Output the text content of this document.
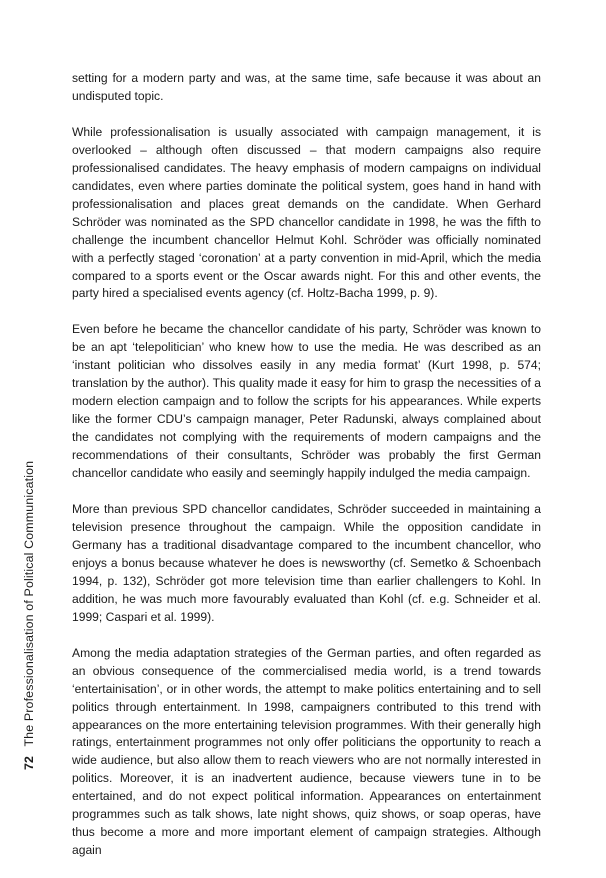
setting for a modern party and was, at the same time, safe because it was about an undisputed topic.

While professionalisation is usually associated with campaign management, it is overlooked – although often discussed – that modern campaigns also require professionalised candidates. The heavy emphasis of modern campaigns on individual candidates, even where parties dominate the political system, goes hand in hand with professionalisation and places great demands on the candidate. When Gerhard Schröder was nominated as the SPD chancellor candidate in 1998, he was the fifth to challenge the incumbent chancellor Helmut Kohl. Schröder was officially nominated with a perfectly staged ‘coronation’ at a party convention in mid-April, which the media compared to a sports event or the Oscar awards night. For this and other events, the party hired a specialised events agency (cf. Holtz-Bacha 1999, p. 9).

Even before he became the chancellor candidate of his party, Schröder was known to be an apt ‘telepolitician’ who knew how to use the media. He was described as an ‘instant politician who dissolves easily in any media format’ (Kurt 1998, p. 574; translation by the author). This quality made it easy for him to grasp the necessities of a modern election campaign and to follow the scripts for his appearances. While experts like the former CDU’s campaign manager, Peter Radunski, always complained about the candidates not complying with the requirements of modern campaigns and the recommendations of their consultants, Schröder was probably the first German chancellor candidate who easily and seemingly happily indulged the media campaign.

More than previous SPD chancellor candidates, Schröder succeeded in maintaining a television presence throughout the campaign. While the opposition candidate in Germany has a traditional disadvantage compared to the incumbent chancellor, who enjoys a bonus because whatever he does is newsworthy (cf. Semetko & Schoenbach 1994, p. 132), Schröder got more television time than earlier challengers to Kohl. In addition, he was much more favourably evaluated than Kohl (cf. e.g. Schneider et al. 1999; Caspari et al. 1999).

Among the media adaptation strategies of the German parties, and often regarded as an obvious consequence of the commercialised media world, is a trend towards ‘entertainisation’, or in other words, the attempt to make politics entertaining and to sell politics through entertainment. In 1998, campaigners contributed to this trend with appearances on the more entertaining television programmes. With their generally high ratings, entertainment programmes not only offer politicians the opportunity to reach a wide audience, but also allow them to reach viewers who are not normally interested in politics. Moreover, it is an inadvertent audience, because viewers tune in to be entertained, and do not expect political information. Appearances on entertainment programmes such as talk shows, late night shows, quiz shows, or soap operas, have thus become a more and more important element of campaign strategies. Although again

72 The Professionalisation of Political Communication
